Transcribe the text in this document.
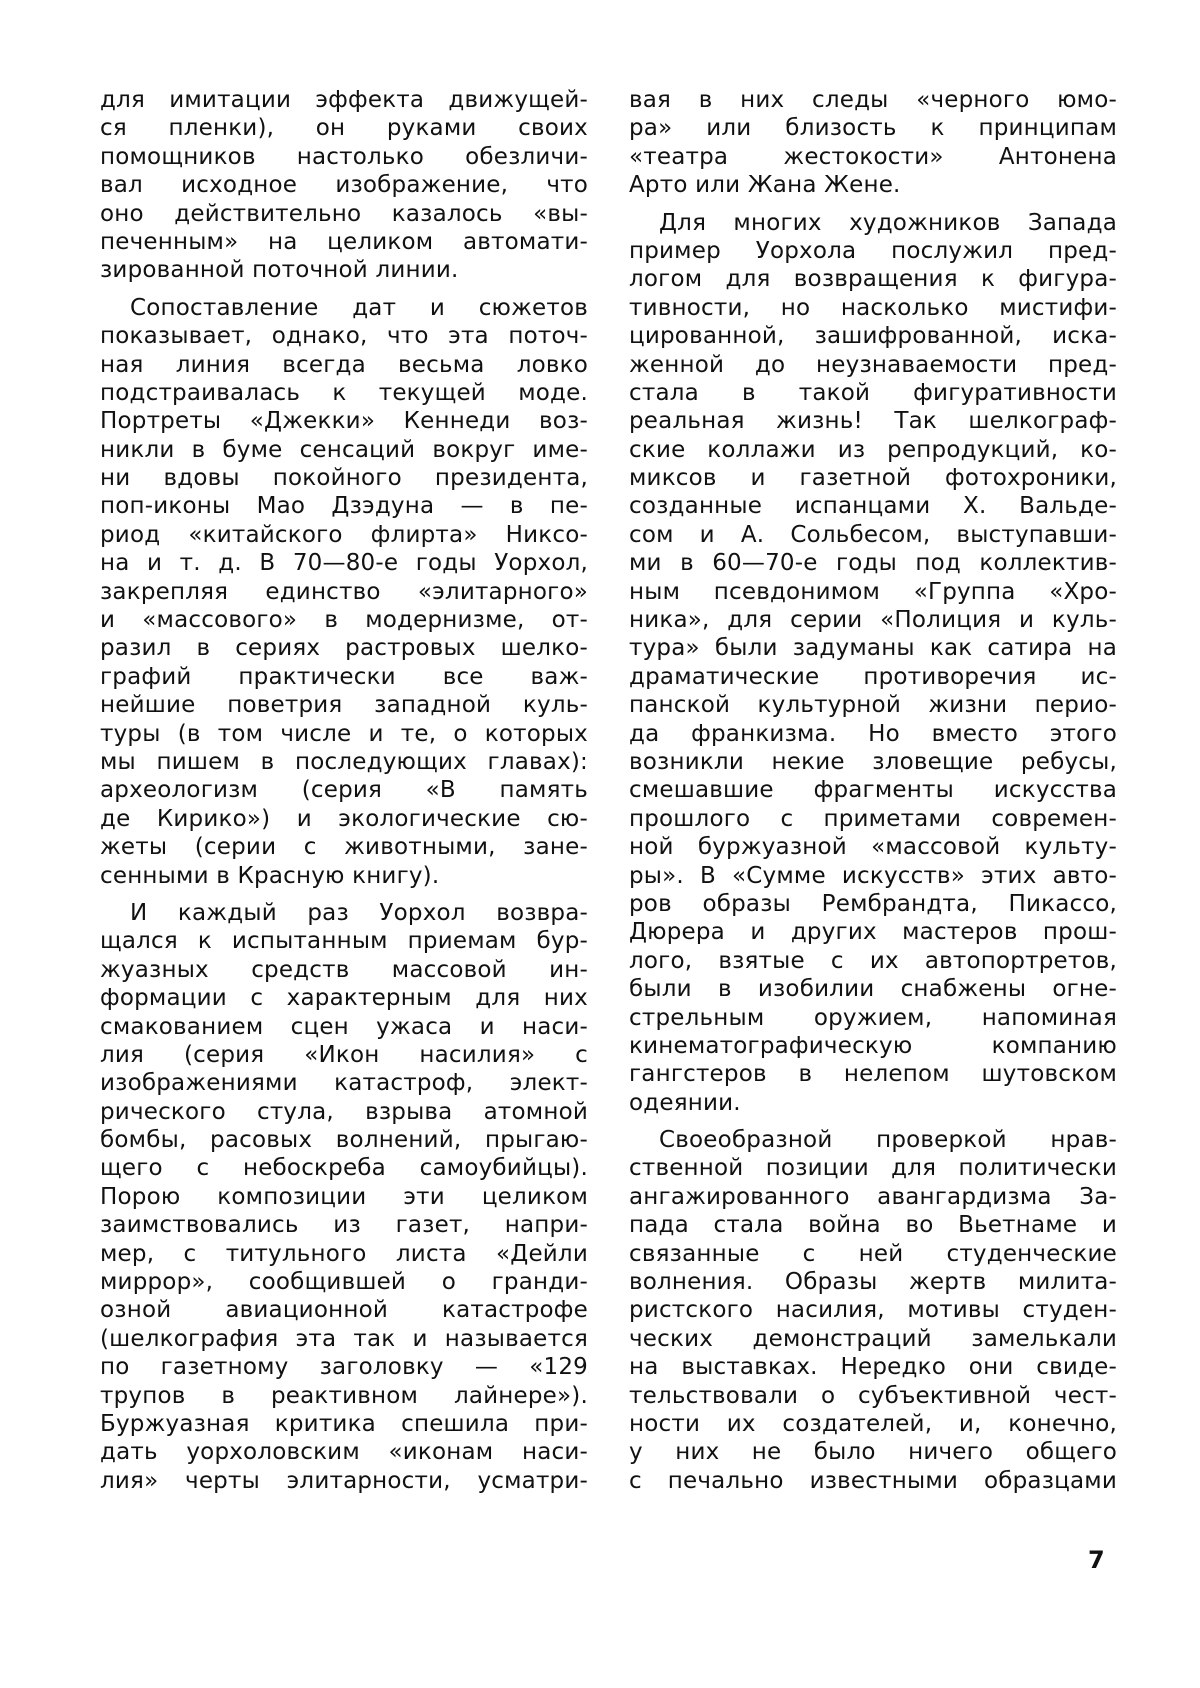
для имитации эффекта движущей-
ся пленки), он руками своих
помощников настолько обезличи-
вал исходное изображение, что
оно действительно казалось «вы-
печенным» на целиком автомати-
зированной поточной линии.
Сопоставление дат и сюжетов
показывает, однако, что эта поточ-
ная линия всегда весьма ловко
подстраивалась к текущей моде.
Портреты «Джекки» Кеннеди воз-
никли в буме сенсаций вокруг име-
ни вдовы покойного президента,
поп-иконы Мао Дзэдуна — в пе-
риод «китайского флирта» Никсо-
на и т. д. В 70—80-е годы Уорхол,
закрепляя единство «элитарного»
и «массового» в модернизме, от-
разил в сериях растровых шелко-
графий практически все важ-
нейшие поветрия западной куль-
туры (в том числе и те, о которых
мы пишем в последующих главах):
археологизм (серия «В память
де Кирико») и экологические сю-
жеты (серии с животными, зане-
сенными в Красную книгу).
И каждый раз Уорхол возвра-
щался к испытанным приемам бур-
жуазных средств массовой ин-
формации с характерным для них
смакованием сцен ужаса и наси-
лия (серия «Икон насилия» с
изображениями катастроф, элект-
рического стула, взрыва атомной
бомбы, расовых волнений, прыгаю-
щего с небоскреба самоубийцы).
Порою композиции эти целиком
заимствовались из газет, напри-
мер, с титульного листа «Дейли
миррор», сообщившей о гранди-
озной авиационной катастрофе
(шелкография эта так и называется
по газетному заголовку — «129
трупов в реактивном лайнере»).
Буржуазная критика спешила при-
дать уорхоловским «иконам наси-
лия» черты элитарности, усматри-
вая в них следы «черного юмо-
ра» или близость к принципам
«театра жестокости» Антонена
Арто или Жана Жене.
Для многих художников Запада
пример Уорхола послужил пред-
логом для возвращения к фигура-
тивности, но насколько мистифи-
цированной, зашифрованной, иска-
женной до неузнаваемости пред-
стала в такой фигуративности
реальная жизнь! Так шелкограф-
ские коллажи из репродукций, ко-
миксов и газетной фотохроники,
созданные испанцами Х. Вальде-
сом и А. Сольбесом, выступавши-
ми в 60—70-е годы под коллектив-
ным псевдонимом «Группа «Хро-
ника», для серии «Полиция и куль-
тура» были задуманы как сатира на
драматические противоречия ис-
панской культурной жизни перио-
да франкизма. Но вместо этого
возникли некие зловещие ребусы,
смешавшие фрагменты искусства
прошлого с приметами современ-
ной буржуазной «массовой культу-
ры». В «Сумме искусств» этих авто-
ров образы Рембрандта, Пикассо,
Дюрера и других мастеров прош-
лого, взятые с их автопортретов,
были в изобилии снабжены огне-
стрельным оружием, напоминая
кинематографическую компанию
гангстеров в нелепом шутовском
одеянии.
Своеобразной проверкой нрав-
ственной позиции для политически
ангажированного авангардизма За-
пада стала война во Вьетнаме и
связанные с ней студенческие
волнения. Образы жертв милита-
ристского насилия, мотивы студен-
ческих демонстраций замелькали
на выставках. Нередко они свиде-
тельствовали о субъективной чест-
ности их создателей, и, конечно,
у них не было ничего общего
с печально известными образцами
7
